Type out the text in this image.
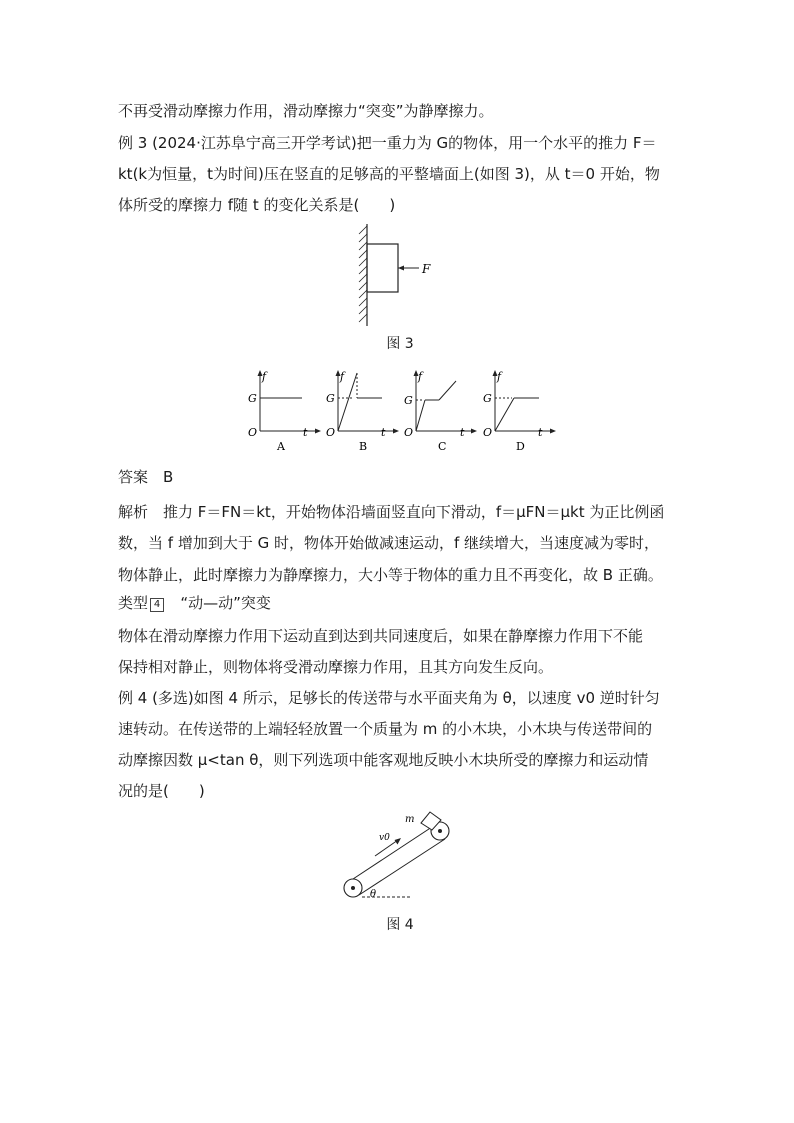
不再受滑动摩擦力作用，滑动摩擦力“突变”为静摩擦力。
例 3 (2024·江苏阜宁高三开学考试)把一重力为 G的物体，用一个水平的推力 F＝
kt(k为恒量，t为时间)压在竖直的足够高的平整墙面上(如图 3)，从 t＝0 开始，物
体所受的摩擦力 f随 t 的变化关系是(　　)
F
图 3
f
G
O	t
A
f
G
O	t
B
f
G
O	t
C
f
G
O	t
D
答案　B
解析　推力 F＝FN＝kt，开始物体沿墙面竖直向下滑动，f＝μFN＝μkt 为正比例函
数，当 f 增加到大于 G 时，物体开始做减速运动，f 继续增大，当速度减为零时，
物体静止，此时摩擦力为静摩擦力，大小等于物体的重力且不再变化，故 B 正确。
类型 4 “动—动”突变
物体在滑动摩擦力作用下运动直到达到共同速度后，如果在静摩擦力作用下不能
保持相对静止，则物体将受滑动摩擦力作用，且其方向发生反向。
例 4 (多选)如图 4 所示，足够长的传送带与水平面夹角为 θ，以速度 v0 逆时针匀
速转动。在传送带的上端轻轻放置一个质量为 m 的小木块，小木块与传送带间的
动摩擦因数 μ<tan θ，则下列选项中能客观地反映小木块所受的摩擦力和运动情
况的是(　　)
m
v0
θ
图 4
